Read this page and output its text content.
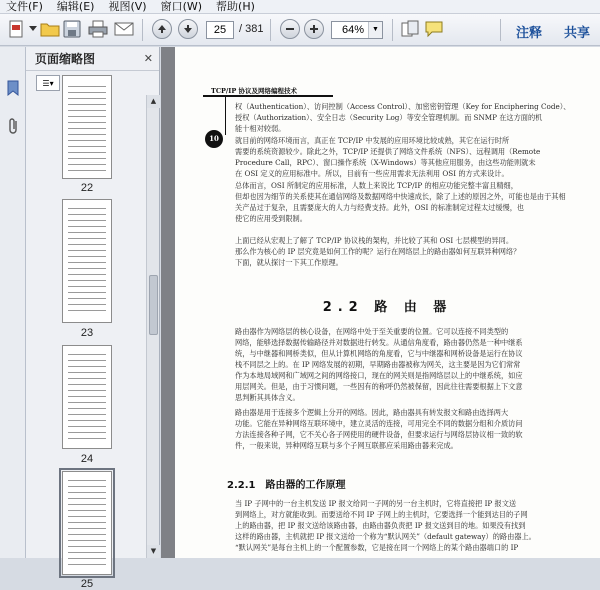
文件(F) 编辑(E) 视图(V) 窗口(W) 帮助(H)
25	/ 381	64%	▼	注释 共享
页面缩略图	✕
☰▾
22
23
24
25
▲
▼
TCP/IP 协议及网络编程技术
10
权（Authentication）、访问控制（Access Control）、加密密钥管理（Key for Enciphering Code）、
授权（Authorization）、安全日志（Security Log）等安全管理机制。而 SNMP 在这方面的机
能十相对较弱。
就目前的网络环境而言，真正在 TCP/IP 中发展的应用环境比较成熟，其它在运行时所
需要的系统资源较少。除此之外，TCP/IP 还提供了网络文件系统（NFS）、远程调用（Remote
Procedure Call，RPC）、窗口操作系统（X-Windows）等其他应用服务，由这些功能则就未
在 OSI 定义的应用标准中。所以，目前有一些应用需求无法利用 OSI 的方式来设计。
总体而言，OSI 所制定的应用标准，人数上来说比 TCP/IP 的相应功能完整丰富且精细，
但却也因为细节的关系使其在通信网络及数据网络中快速成长，除了上述的原因之外，可能也是由于其相
关产品过于复杂，且需要庞大的人力与经费支持。此外，OSI 的标准制定过程太过缓慢，也
使它的应用受到限制。
上面已经从宏观上了解了 TCP/IP 协议栈的架构，并比较了其和 OSI 七层模型的异同。
那么作为核心的 IP 层究竟是如何工作的呢？运行在网络层上的路由器如何互联异种网络？
下面，就从探讨一下其工作原理。
2.2 路 由 器
路由器作为网络层的核心设备，在网络中处于至关重要的位置。它可以连接不同类型的
网络，能够选择数据传输路径并对数据进行转发。从通信角度看，路由器仍然是一种中继系
统，与中继器和网桥类似，但从计算机网络的角度看，它与中继器和网桥设备是运行在协议
栈不同层之上的。在 IP 网络发展的初期，早期路由器被称为网关，这主要是因为它们常常
作为本地局域网和广域网之间的网络接口，现在的网关则是指网络层以上的中继系统，如应
用层网关。但是，由于习惯问题，一些因有的称呼仍然被保留，因此往往需要根据上下文意
思判断其具体含义。
路由器是用于连接多个逻辑上分开的网络。因此，路由器具有转发报文和路由选择两大
功能。它能在异种网络互联环境中，建立灵活的连接，可用完全不同的数据分组和介质访问
方法连接各种子网，它不关心各子网使用的硬件设备，但要求运行与网络层协议相一致的软
件，一般来说，异种网络互联与多个子网互联都应采用路由器来完成。
2.2.1　路由器的工作原理
当 IP 子网中的一台主机发送 IP 报文给同一子网的另一台主机时，它将直接把 IP 报文送
到网络上，对方就能收到。而要送给不同 IP 子网上的主机时，它要选择一个能到达目的子网
上的路由器，把 IP 报文送给该路由器，由路由器负责把 IP 报文送到目的地。如果没有找到
这样的路由器，主机就把 IP 报文送给一个称为“默认网关”（default gateway）的路由器上。
“默认网关”是每台主机上的一个配置参数，它是接在同一个网络上的某个路由器端口的 IP
